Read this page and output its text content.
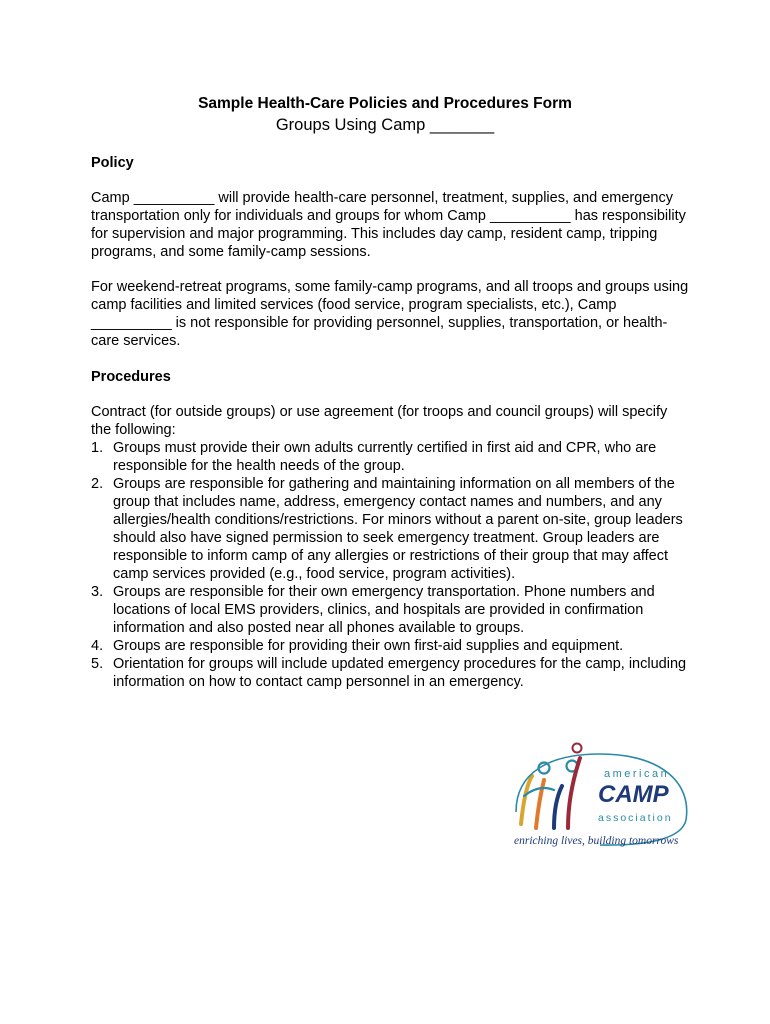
Sample Health-Care Policies and Procedures Form
Groups Using Camp _______
Policy

Camp __________ will provide health-care personnel, treatment, supplies, and emergency transportation only for individuals and groups for whom Camp __________ has responsibility for supervision and major programming. This includes day camp, resident camp, tripping programs, and some family-camp sessions.

For weekend-retreat programs, some family-camp programs, and all troops and groups using camp facilities and limited services (food service, program specialists, etc.), Camp __________ is not responsible for providing personnel, supplies, transportation, or health-care services.

Procedures

Contract (for outside groups) or use agreement (for troops and council groups) will specify the following:

1. Groups must provide their own adults currently certified in first aid and CPR, who are responsible for the health needs of the group.
2. Groups are responsible for gathering and maintaining information on all members of the group that includes name, address, emergency contact names and numbers, and any allergies/health conditions/restrictions. For minors without a parent on-site, group leaders should also have signed permission to seek emergency treatment. Group leaders are responsible to inform camp of any allergies or restrictions of their group that may affect camp services provided (e.g., food service, program activities).
3. Groups are responsible for their own emergency transportation. Phone numbers and locations of local EMS providers, clinics, and hospitals are provided in confirmation information and also posted near all phones available to groups.
4. Groups are responsible for providing their own first-aid supplies and equipment.
5. Orientation for groups will include updated emergency procedures for the camp, including information on how to contact camp personnel in an emergency.
american
CAMP
association
enriching lives, building tomorrows
